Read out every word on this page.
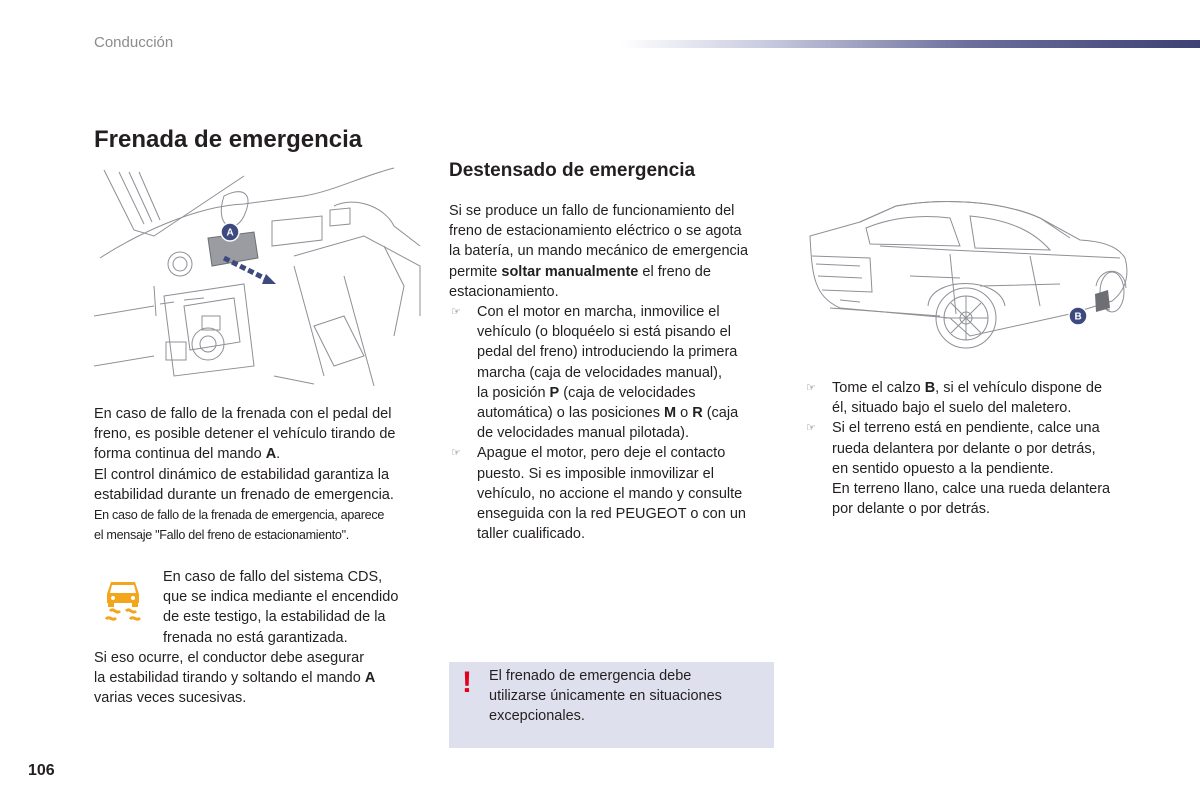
Conducción
Frenada de emergencia
A
En caso de fallo de la frenada con el pedal del
freno, es posible detener el vehículo tirando de
forma continua del mando A.
El control dinámico de estabilidad garantiza la
estabilidad durante un frenado de emergencia.
En caso de fallo de la frenada de emergencia, aparece
el mensaje "Fallo del freno de estacionamiento".
En caso de fallo del sistema CDS,
que se indica mediante el encendido
de este testigo, la estabilidad de la
frenada no está garantizada.
Si eso ocurre, el conductor debe asegurar
la estabilidad tirando y soltando el mando A
varias veces sucesivas.
Destensado de emergencia
Si se produce un fallo de funcionamiento del
freno de estacionamiento eléctrico o se agota
la batería, un mando mecánico de emergencia
permite soltar manualmente el freno de
estacionamiento.
☞ Con el motor en marcha, inmovilice el
vehículo (o bloquéelo si está pisando el
pedal del freno) introduciendo la primera
marcha (caja de velocidades manual),
la posición P (caja de velocidades
automática) o las posiciones M o R (caja
de velocidades manual pilotada).
☞ Apague el motor, pero deje el contacto
puesto. Si es imposible inmovilizar el
vehículo, no accione el mando y consulte
enseguida con la red PEUGEOT o con un
taller cualificado.
! El frenado de emergencia debe
utilizarse únicamente en situaciones
excepcionales.
B
☞ Tome el calzo B, si el vehículo dispone de
él, situado bajo el suelo del maletero.
☞ Si el terreno está en pendiente, calce una
rueda delantera por delante o por detrás,
en sentido opuesto a la pendiente.
En terreno llano, calce una rueda delantera
por delante o por detrás.
106
